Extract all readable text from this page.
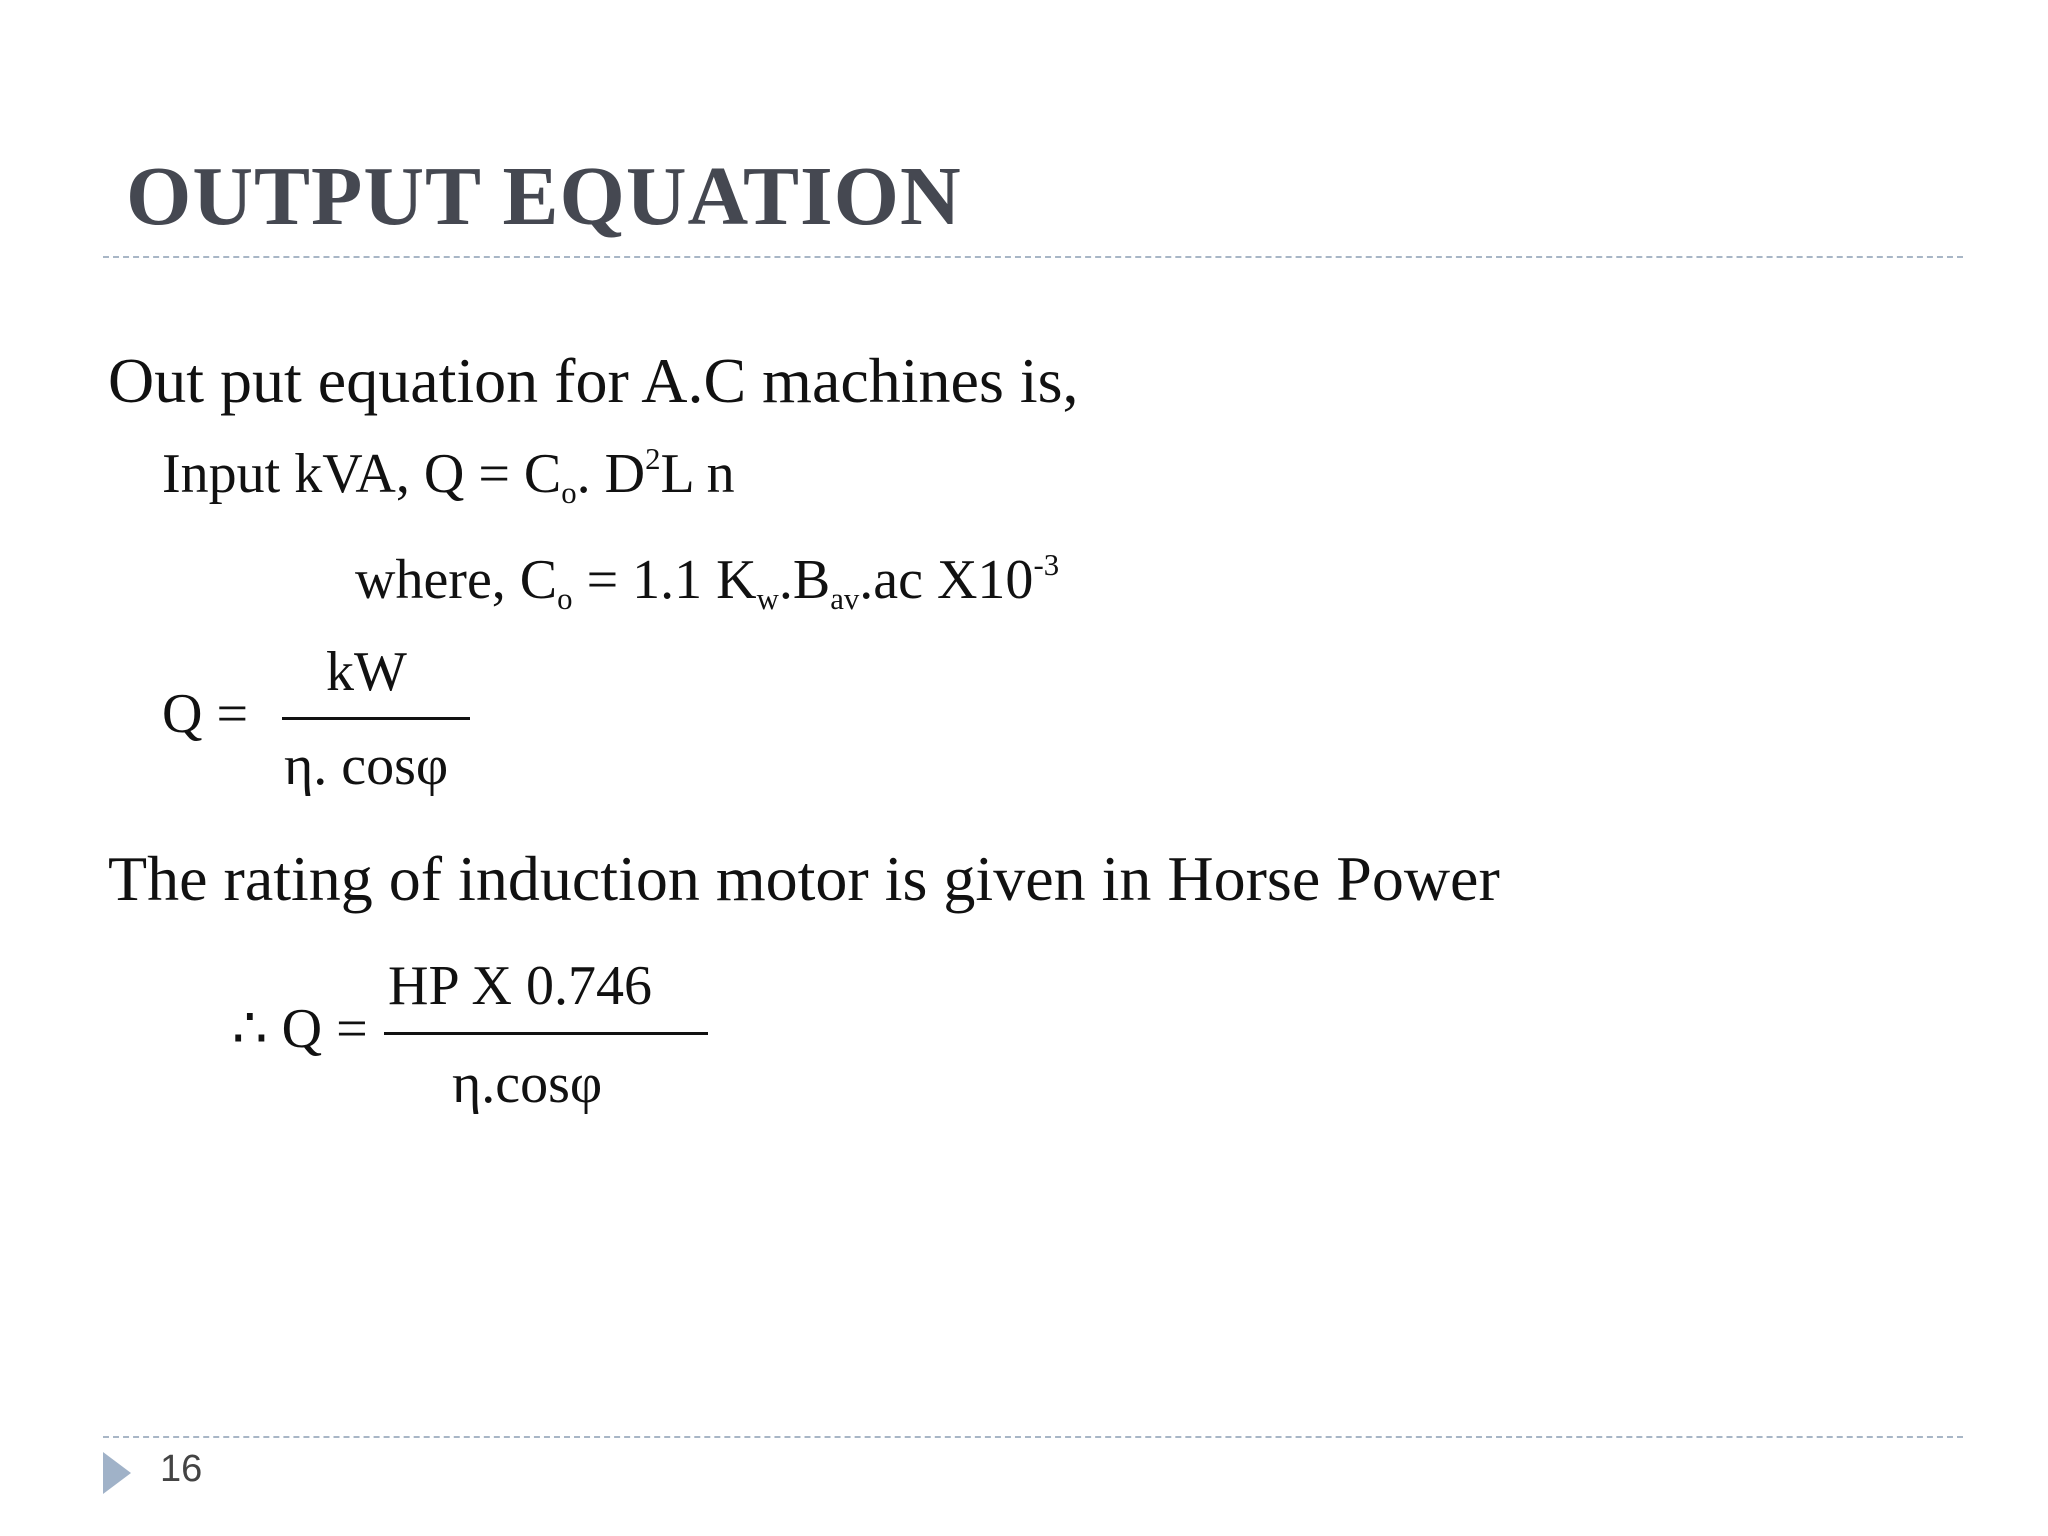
OUTPUT EQUATION
Out put equation for A.C machines is,
Input kVA, $Q = C_o$. $D^2L$ n
where, $C_o = 1.1$ $K_w.B_{av}.ac$ $X10^{-3}$
Q =
kW
η. cosφ
The rating of induction motor is given in Horse Power
∴ Q =
HP X 0.746
η.cosφ
16
